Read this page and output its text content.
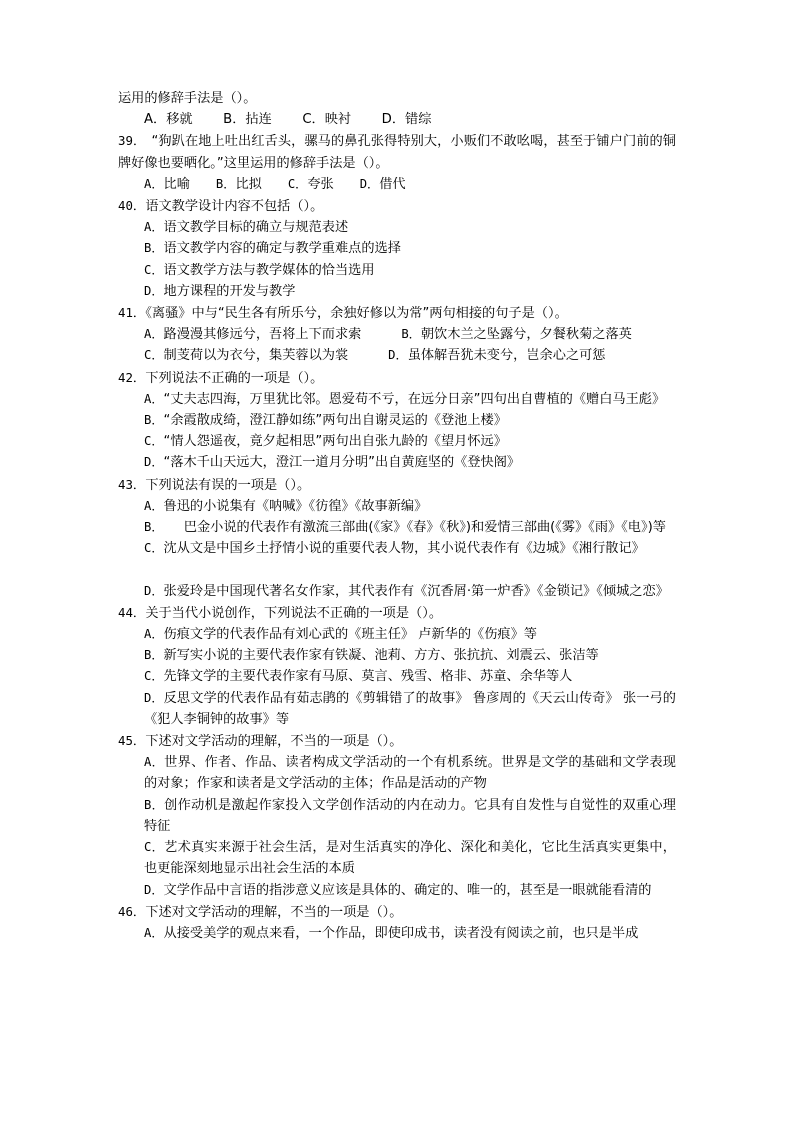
运用的修辞手法是（）。

A．移就　　 B．拈连　　 C．映衬　　 D．错综

39． “狗趴在地上吐出红舌头，骡马的鼻孔张得特别大，小贩们不敢吆喝，甚至于铺户门前的铜牌好像也要晒化。”这里运用的修辞手法是（）。

A．比喻 B．比拟 C．夸张 D．借代

40．语文教学设计内容不包括（）。

A．语文教学目标的确立与规范表述

B．语文教学内容的确定与教学重难点的选择

C．语文教学方法与教学媒体的恰当选用

D．地方课程的开发与教学

41．《离骚》中与“民生各有所乐兮，余独好修以为常”两句相接的句子是（）。

A．路漫漫其修远兮，吾将上下而求索	B．朝饮木兰之坠露兮，夕餐秋菊之落英

C．制芰荷以为衣兮，集芙蓉以为裳	D．虽体解吾犹未变兮，岂余心之可惩

42．下列说法不正确的一项是（）。

A．“丈夫志四海，万里犹比邻。恩爱苟不亏，在远分日亲”四句出自曹植的《赠白马王彪》

B．“余霞散成绮，澄江静如练”两句出自谢灵运的《登池上楼》

C．“情人怨遥夜，竟夕起相思”两句出自张九龄的《望月怀远》

D．“落木千山天远大，澄江一道月分明”出自黄庭坚的《登快阁》

43．下列说法有误的一项是（）。

A．鲁迅的小说集有《呐喊》《彷徨》《故事新编》

B．　　巴金小说的代表作有激流三部曲(《家》《春》《秋》)和爱情三部曲(《雾》《雨》《电》)等

C．沈从文是中国乡土抒情小说的重要代表人物，其小说代表作有《边城》《湘行散记》

D．张爱玲是中国现代著名女作家，其代表作有《沉香屑·第一炉香》《金锁记》《倾城之恋》

44．关于当代小说创作，下列说法不正确的一项是（）。

A．伤痕文学的代表作品有刘心武的《班主任》 卢新华的《伤痕》等

B．新写实小说的主要代表作家有铁凝、池莉、方方、张抗抗、刘震云、张洁等

C．先锋文学的主要代表作家有马原、莫言、残雪、格非、苏童、余华等人

D．反思文学的代表作品有茹志鹃的《剪辑错了的故事》 鲁彦周的《天云山传奇》 张一弓的《犯人李铜钟的故事》等

45．下述对文学活动的理解，不当的一项是（）。

A．世界、作者、作品、读者构成文学活动的一个有机系统。世界是文学的基础和文学表现的对象；作家和读者是文学活动的主体；作品是活动的产物

B．创作动机是激起作家投入文学创作活动的内在动力。它具有自发性与自觉性的双重心理特征

C．艺术真实来源于社会生活，是对生活真实的净化、深化和美化，它比生活真实更集中，也更能深刻地显示出社会生活的本质

D．文学作品中言语的指涉意义应该是具体的、确定的、唯一的，甚至是一眼就能看清的

46．下述对文学活动的理解，不当的一项是（）。

A．从接受美学的观点来看，一个作品，即使印成书，读者没有阅读之前，也只是半成
